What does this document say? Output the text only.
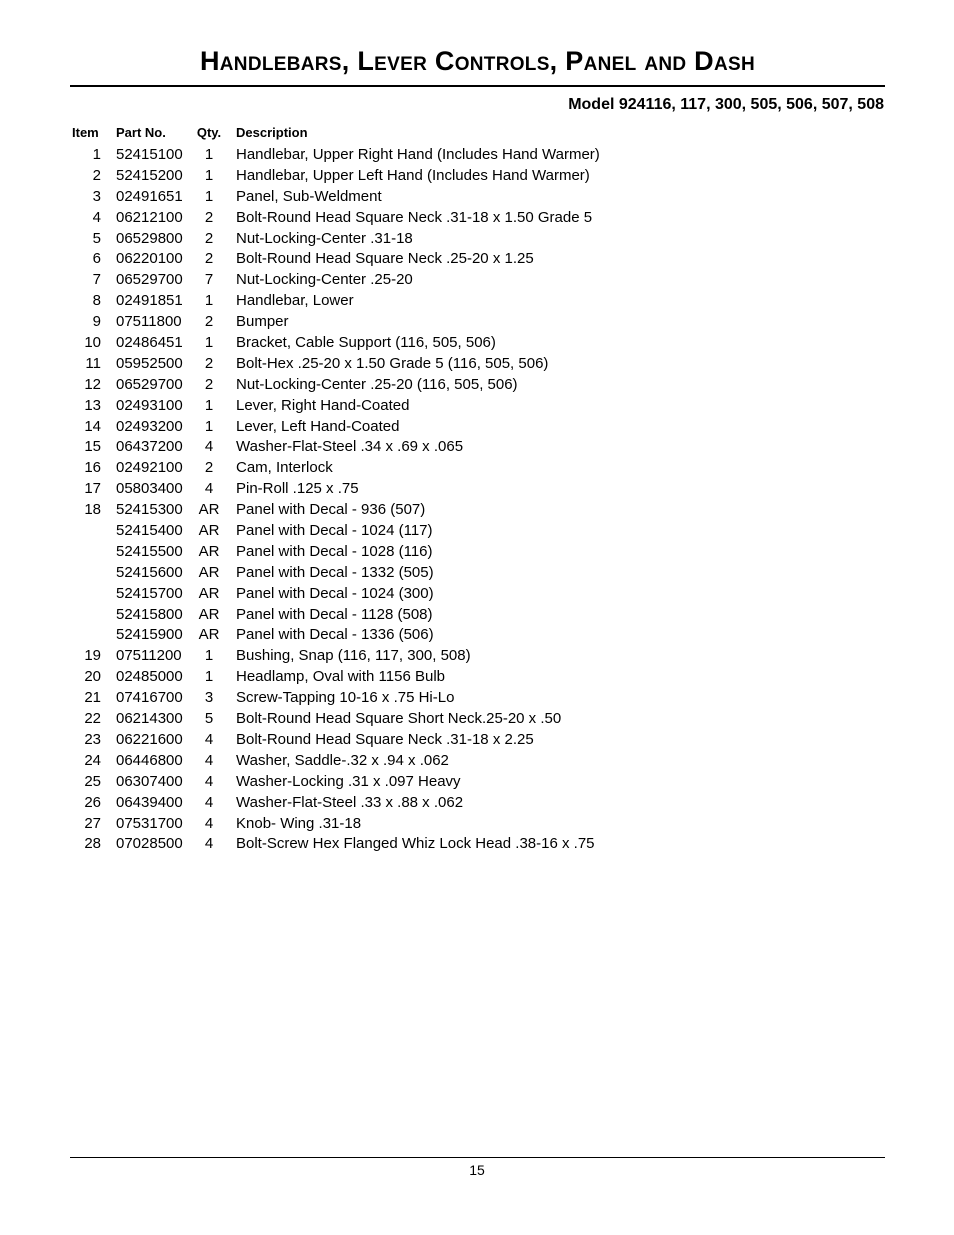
Handlebars, Lever Controls, Panel and Dash
Model 924116, 117, 300, 505, 506, 507, 508
Item Part No. Qty. Description
1 52415100 1 Handlebar, Upper Right Hand (Includes Hand Warmer)
2 52415200 1 Handlebar, Upper Left Hand (Includes Hand Warmer)
3 02491651 1 Panel, Sub-Weldment
4 06212100 2 Bolt-Round Head Square Neck .31-18 x 1.50 Grade 5
5 06529800 2 Nut-Locking-Center .31-18
6 06220100 2 Bolt-Round Head Square Neck .25-20 x 1.25
7 06529700 7 Nut-Locking-Center .25-20
8 02491851 1 Handlebar, Lower
9 07511800 2 Bumper
10 02486451 1 Bracket, Cable Support (116, 505, 506)
11 05952500 2 Bolt-Hex .25-20 x 1.50 Grade 5 (116, 505, 506)
12 06529700 2 Nut-Locking-Center .25-20 (116, 505, 506)
13 02493100 1 Lever, Right Hand-Coated
14 02493200 1 Lever, Left Hand-Coated
15 06437200 4 Washer-Flat-Steel .34 x .69 x .065
16 02492100 2 Cam, Interlock
17 05803400 4 Pin-Roll .125 x .75
18 52415300 AR Panel with Decal - 936 (507)
52415400 AR Panel with Decal - 1024 (117)
52415500 AR Panel with Decal - 1028 (116)
52415600 AR Panel with Decal - 1332 (505)
52415700 AR Panel with Decal - 1024 (300)
52415800 AR Panel with Decal - 1128 (508)
52415900 AR Panel with Decal - 1336 (506)
19 07511200 1 Bushing, Snap (116, 117, 300, 508)
20 02485000 1 Headlamp, Oval with 1156 Bulb
21 07416700 3 Screw-Tapping 10-16 x .75 Hi-Lo
22 06214300 5 Bolt-Round Head Square Short Neck.25-20 x .50
23 06221600 4 Bolt-Round Head Square Neck .31-18 x 2.25
24 06446800 4 Washer, Saddle-.32 x .94 x .062
25 06307400 4 Washer-Locking .31 x .097 Heavy
26 06439400 4 Washer-Flat-Steel .33 x .88 x .062
27 07531700 4 Knob- Wing .31-18
28 07028500 4 Bolt-Screw Hex Flanged Whiz Lock Head .38-16 x .75
15
